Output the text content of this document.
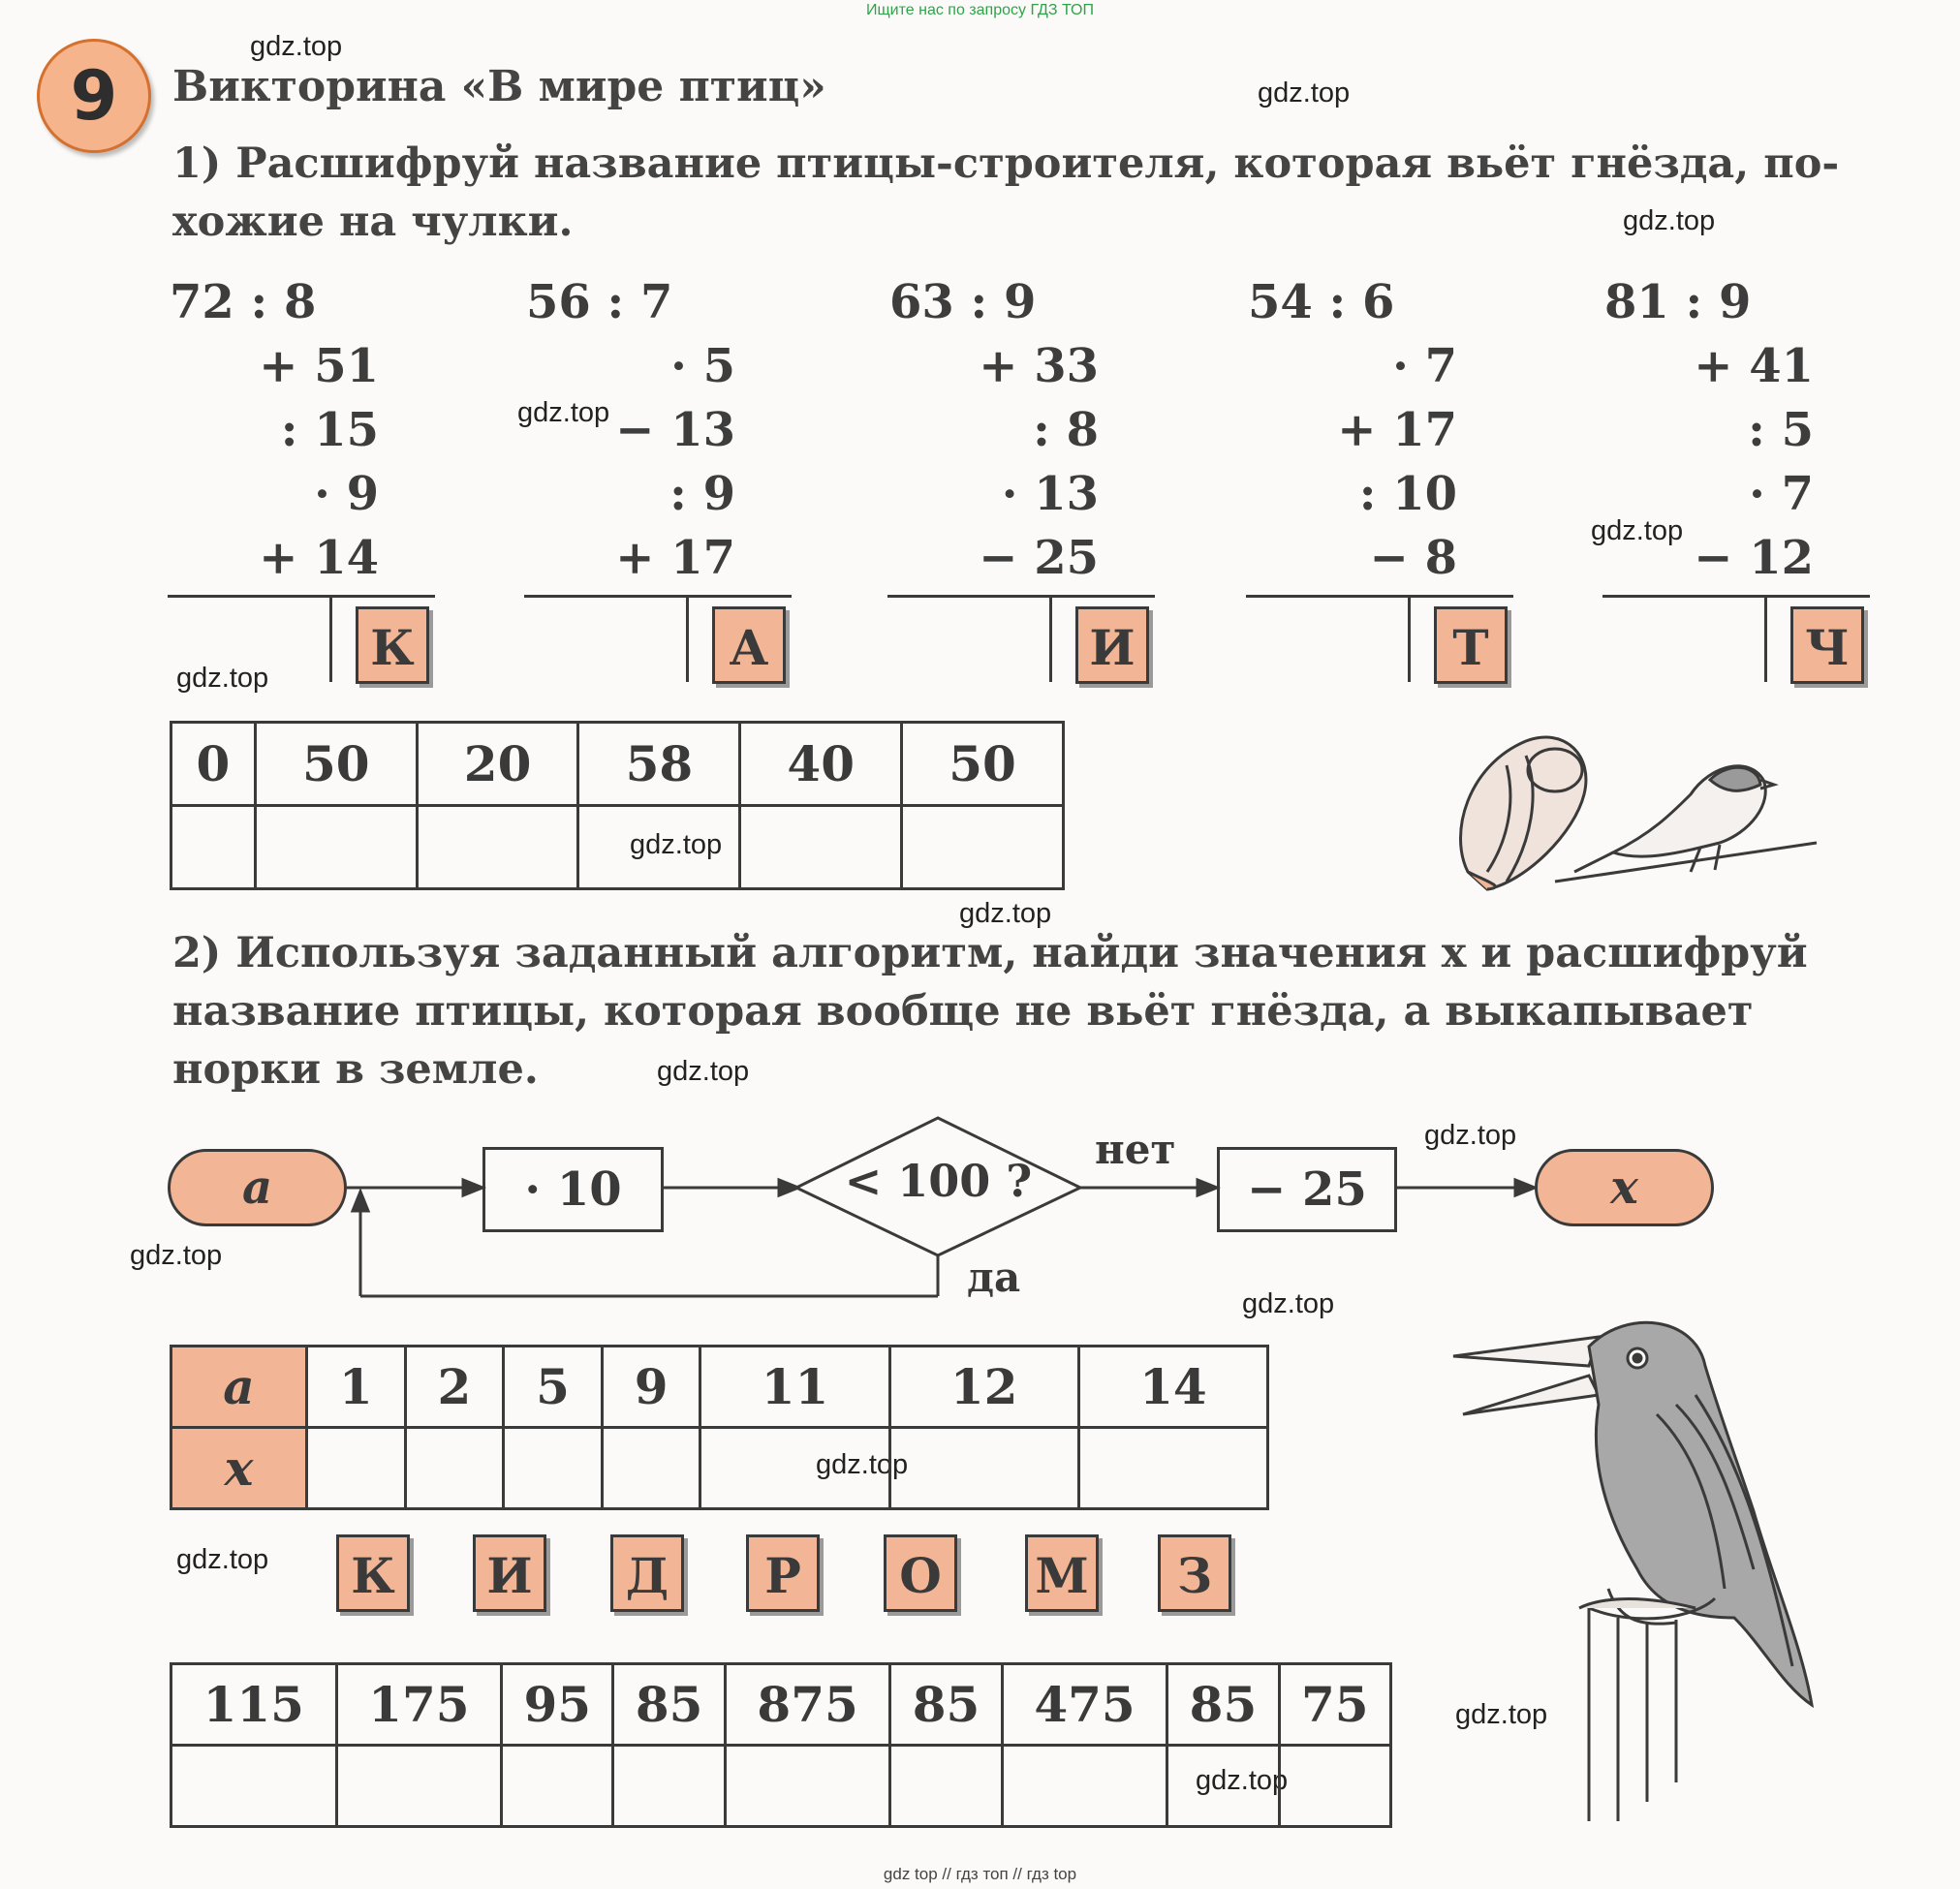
Ищите нас по запросу ГДЗ ТОП
gdz top // гдз топ // гдз top
gdz.top
gdz.top
gdz.top
gdz.top
gdz.top
gdz.top
gdz.top
gdz.top
gdz.top
gdz.top
gdz.top
gdz.top
gdz.top
gdz.top
gdz.top
gdz.top
9	Викторина «В мире птиц»
1) Расшифруй название птицы-строителя, которая вьёт гнёзда, по-
хожие на чулки.
72 : 8
+ 51
: 15
· 9
+ 14
К
56 : 7
· 5
− 13
: 9
+ 17
А
63 : 9
+ 33
: 8
· 13
− 25
И
54 : 6
· 7
+ 17
: 10
− 8
Т
81 : 9
+ 41
: 5
· 7
− 12
Ч
0	50	20	58	40	50

2) Используя заданный алгоритм, найди значения x и расшифруй
название птицы, которая вообще не вьёт гнёзда, а выкапывает
норки в земле.
a	· 10	< 100 ?
нет
да
− 25	x
a	1	2	5	9	11	12	14
x							
К	И	Д	Р	О	М	З
115	175	95	85	875	85	475	85	75
